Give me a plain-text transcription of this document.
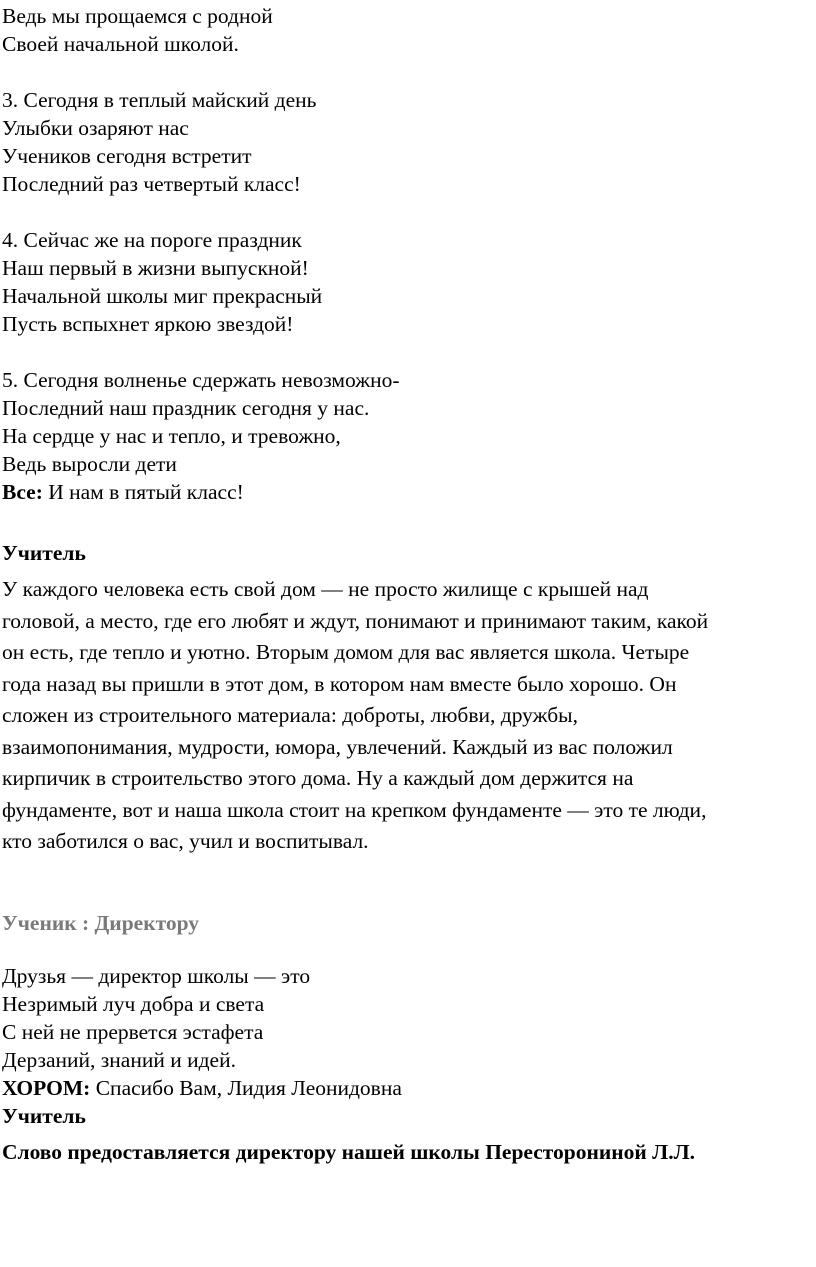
Ведь мы прощаемся с родной
Своей начальной школой.
3. Сегодня в теплый майский день
Улыбки озаряют нас
Учеников сегодня встретит
Последний раз четвертый класс!
4. Сейчас же на пороге праздник
Наш первый в жизни выпускной!
Начальной школы миг прекрасный
Пусть вспыхнет яркою звездой!
5. Сегодня волненье сдержать невозможно-
Последний наш праздник сегодня у нас.
На сердце у нас и тепло, и тревожно,
Ведь выросли дети
Все: И нам в пятый класс!
Учитель
У каждого человека есть свой дом — не просто жилище с крышей над
головой, а место, где его любят и ждут, понимают и принимают таким, какой
он есть, где тепло и уютно. Вторым домом для вас является школа. Четыре
года назад вы пришли в этот дом, в котором нам вместе было хорошо. Он
сложен из строительного материала: доброты, любви, дружбы,
взаимопонимания, мудрости, юмора, увлечений. Каждый из вас положил
кирпичик в строительство этого дома. Ну а каждый дом держится на
фундаменте, вот и наша школа стоит на крепком фундаменте — это те люди,
кто заботился о вас, учил и воспитывал.
Ученик : Директору
Друзья — директор школы — это
Незримый луч добра и света
С ней не прервется эстафета
Дерзаний, знаний и идей.
ХОРОМ: Спасибо Вам, Лидия Леонидовна
Учитель
Слово предоставляется директору нашей школы Пересторониной Л.Л.
